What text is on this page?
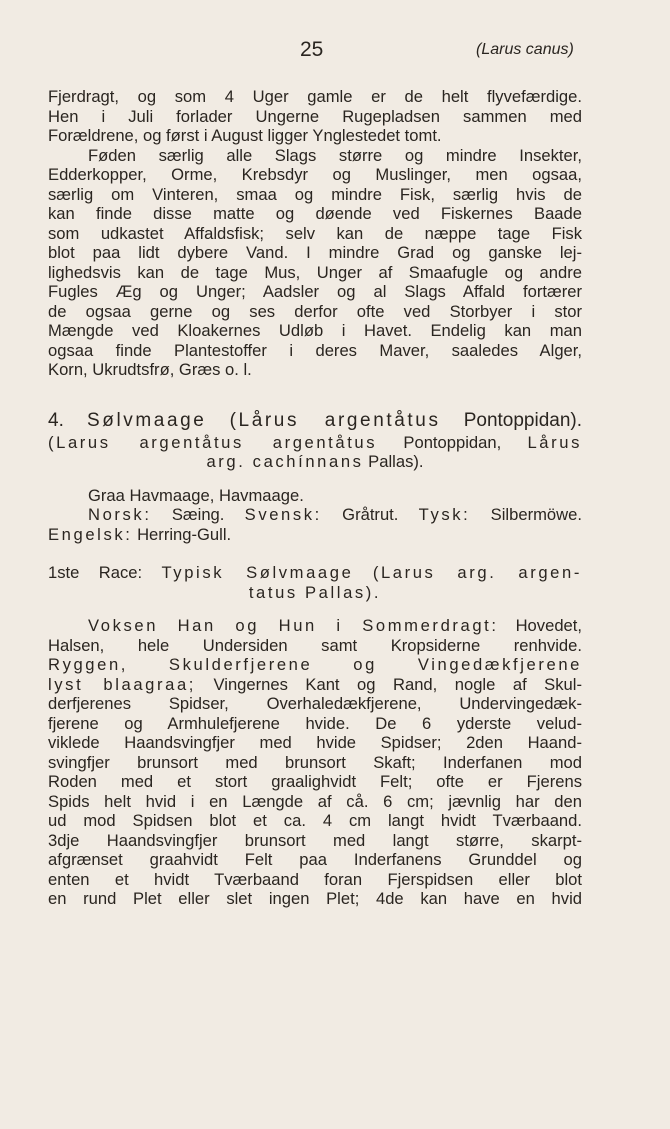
25	(Larus canus)
Fjerdragt, og som 4 Uger gamle er de helt flyvefærdige.
Hen i Juli forlader Ungerne Rugepladsen sammen med
Forældrene, og først i August ligger Ynglestedet tomt.
Føden særlig alle Slags større og mindre Insekter,
Edderkopper, Orme, Krebsdyr og Muslinger, men ogsaa,
særlig om Vinteren, smaa og mindre Fisk, særlig hvis de
kan finde disse matte og døende ved Fiskernes Baade
som udkastet Affaldsfisk; selv kan de næppe tage Fisk
blot paa lidt dybere Vand. I mindre Grad og ganske lej-
lighedsvis kan de tage Mus, Unger af Smaafugle og andre
Fugles Æg og Unger; Aadsler og al Slags Affald fortærer
de ogsaa gerne og ses derfor ofte ved Storbyer i stor
Mængde ved Kloakernes Udløb i Havet. Endelig kan man
ogsaa finde Plantestoffer i deres Maver, saaledes Alger,
Korn, Ukrudtsfrø, Græs o. l.
4. Sølvmaage (Lårus argentåtus Pontoppidan).
(Larus argentåtus argentåtus Pontoppidan, Lårus
arg. cachínnans Pallas).
Graa Havmaage, Havmaage.
Norsk: Sæing. Svensk: Gråtrut. Tysk: Silbermöwe.
Engelsk: Herring-Gull.
1ste Race: Typisk Sølvmaage (Larus arg. argen-
tatus Pallas).
Voksen Han og Hun i Sommerdragt: Hovedet,
Halsen, hele Undersiden samt Kropsiderne renhvide.
Ryggen, Skulderfjerene og Vingedækfjerene
lyst blaagraa; Vingernes Kant og Rand, nogle af Skul-
derfjerenes Spidser, Overhaledækfjerene, Undervingedæk-
fjerene og Armhulefjerene hvide. De 6 yderste velud-
viklede Haandsvingfjer med hvide Spidser; 2den Haand-
svingfjer brunsort med brunsort Skaft; Inderfanen mod
Roden med et stort graalighvidt Felt; ofte er Fjerens
Spids helt hvid i en Længde af cå. 6 cm; jævnlig har den
ud mod Spidsen blot et ca. 4 cm langt hvidt Tværbaand.
3dje Haandsvingfjer brunsort med langt større, skarpt-
afgrænset graahvidt Felt paa Inderfanens Grunddel og
enten et hvidt Tværbaand foran Fjerspidsen eller blot
en rund Plet eller slet ingen Plet; 4de kan have en hvid
